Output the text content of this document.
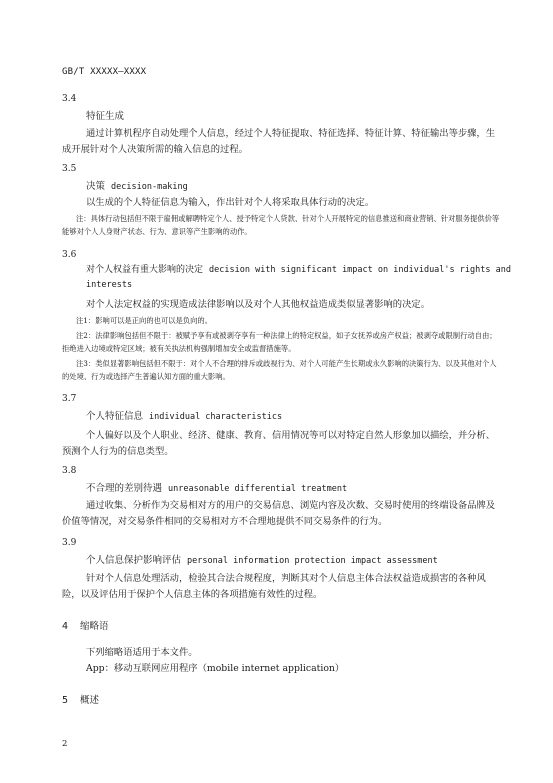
GB/T XXXXX—XXXX
3.4
特征生成
通过计算机程序自动处理个人信息，经过个人特征提取、特征选择、特征计算、特征输出等步骤，生成开展针对个人决策所需的输入信息的过程。
3.5
决策 decision-making
以生成的个人特征信息为输入，作出针对个人将采取具体行动的决定。
注：具体行动包括但不限于雇佣或解聘特定个人、授予特定个人贷款、针对个人开展特定的信息推送和商业营销、针对服务提供价等能够对个人人身财产状态、行为、意识等产生影响的动作。
3.6
对个人权益有重大影响的决定 decision with significant impact on individual's rights and interests
对个人法定权益的实现造成法律影响以及对个人其他权益造成类似显著影响的决定。
注1：影响可以是正向的也可以是负向的。
注2：法律影响包括但不限于：被赋予享有或被剥夺享有一种法律上的特定权益，如子女抚养或房产权益；被剥夺或限制行动自由；拒绝进入边境或特定区域；被有关执法机构强制增加安全或监督措施等。
注3：类似显著影响包括但不限于：对个人不合理的排斥或歧视行为、对个人可能产生长期或永久影响的决策行为、以及其他对个人的处境、行为或选择产生普遍认知方面的重大影响。
3.7
个人特征信息 individual characteristics
个人偏好以及个人职业、经济、健康、教育、信用情况等可以对特定自然人形象加以描绘，并分析、预测个人行为的信息类型。
3.8
不合理的差别待遇 unreasonable differential treatment
通过收集、分析作为交易相对方的用户的交易信息、浏览内容及次数、交易时使用的终端设备品牌及价值等情况，对交易条件相同的交易相对方不合理地提供不同交易条件的行为。
3.9
个人信息保护影响评估 personal information protection impact assessment
针对个人信息处理活动，检验其合法合规程度，判断其对个人信息主体合法权益造成损害的各种风险，以及评估用于保护个人信息主体的各项措施有效性的过程。
4 缩略语
下列缩略语适用于本文件。
App：移动互联网应用程序（mobile internet application）
5 概述
2
